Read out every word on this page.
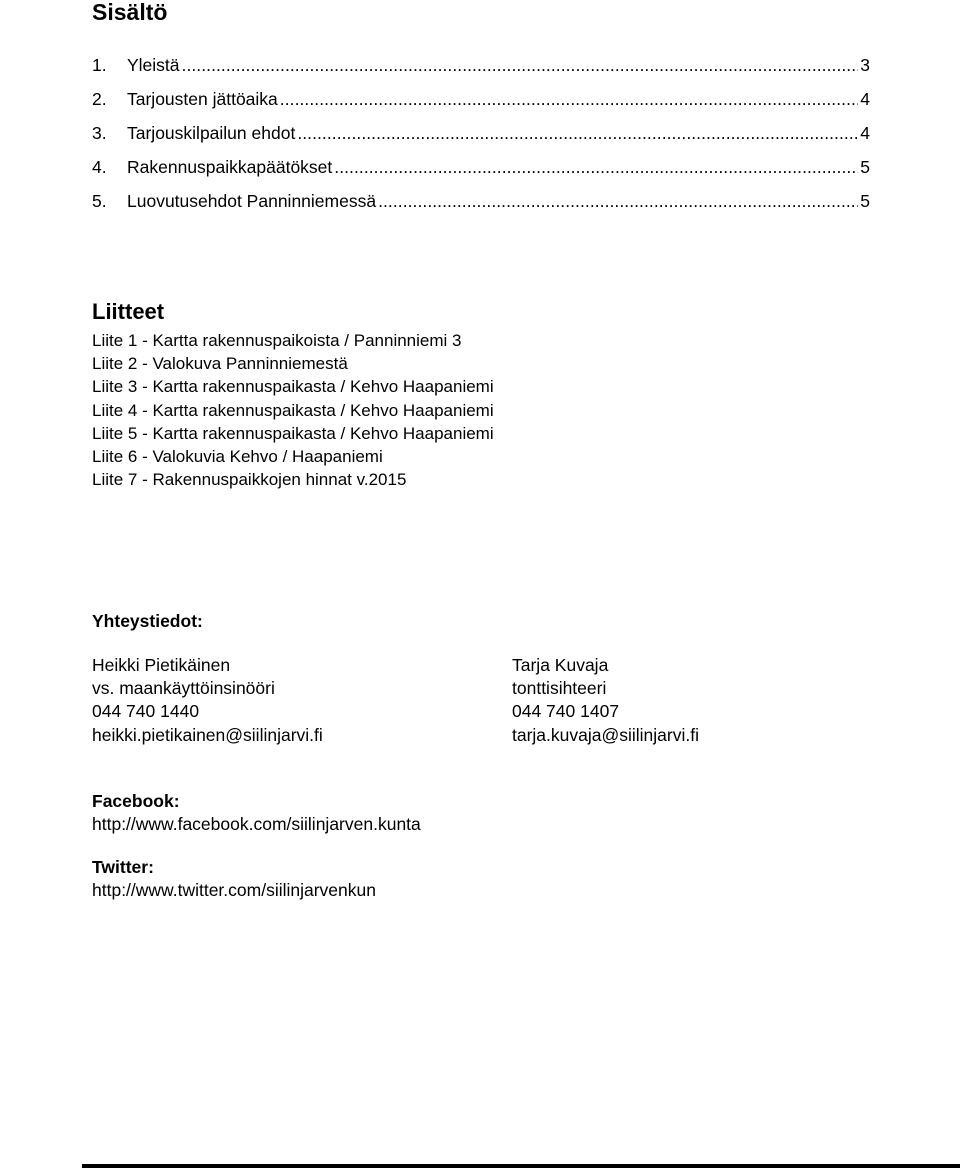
Sisältö
1.	Yleistä . . .	3
2.	Tarjousten jättöaika . . .	4
3.	Tarjouskilpailun ehdot . . .	4
4.	Rakennuspaikkapäätökset . . .	5
5.	Luovutusehdot Panninniemessä . . .	5
Liitteet
Liite 1 - Kartta rakennuspaikoista / Panninniemi 3
Liite 2 - Valokuva Panninniemestä
Liite 3 - Kartta rakennuspaikasta / Kehvo Haapaniemi
Liite 4 - Kartta rakennuspaikasta / Kehvo Haapaniemi
Liite 5 - Kartta rakennuspaikasta / Kehvo Haapaniemi
Liite 6 - Valokuvia Kehvo / Haapaniemi
Liite 7 - Rakennuspaikkojen hinnat v.2015
Yhteystiedot:
Heikki Pietikäinen
vs. maankäyttöinsinööri
044 740 1440
heikki.pietikainen@siilinjarvi.fi
Tarja Kuvaja
tonttisihteeri
044 740 1407
tarja.kuvaja@siilinjarvi.fi
Facebook:
http://www.facebook.com/siilinjarven.kunta
Twitter:
http://www.twitter.com/siilinjarvenkun
